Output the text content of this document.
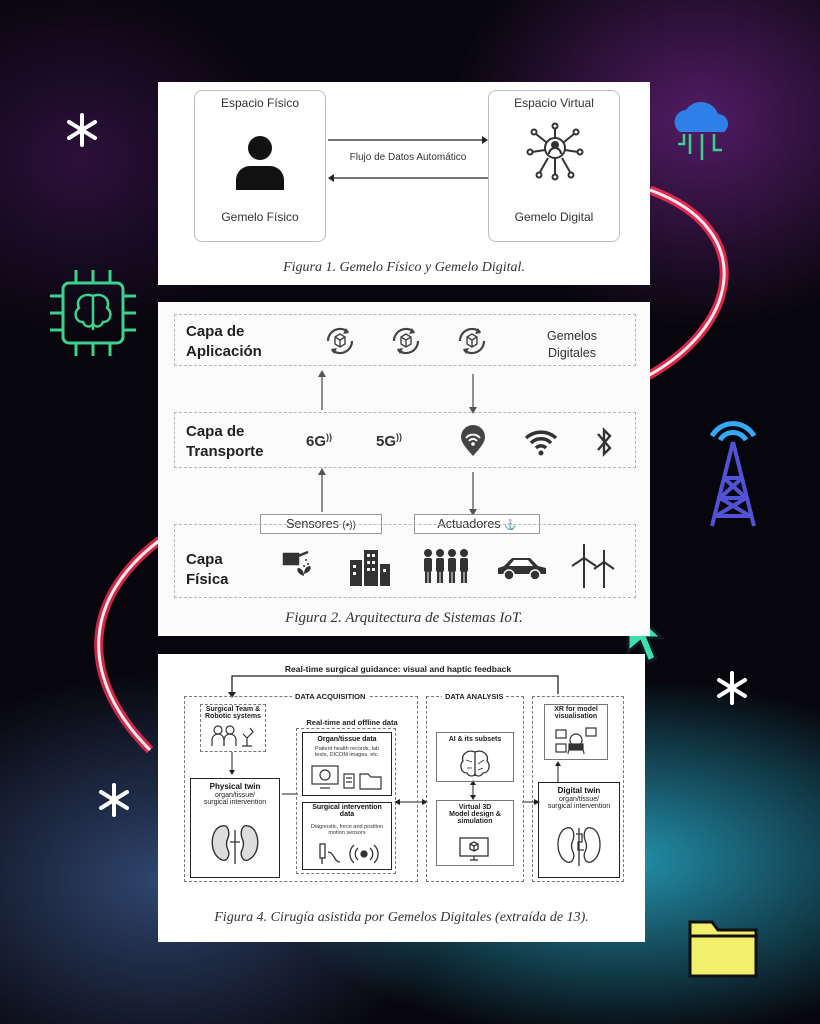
Espacio Físico
Gemelo Físico
Espacio Virtual
Gemelo Digital
Flujo de Datos Automático
Figura 1. Gemelo Físico y Gemelo Digital.
Capa de
Aplicación
Gemelos
Digitales
Capa de
Transporte
6G))	5G))
Sensores (•))	Actuadores ⚓
Capa
Física
Figura 2. Arquitectura de Sistemas IoT.
Real-time surgical guidance: visual and haptic feedback
DATA ACQUISITION	DATA ANALYSIS
Surgical Team &
Robotic systems
Physical twin
organ/tissue/
surgical intervention
Real-time and offline data
Organ/tissue data
Patient health records, lab
tests, DICOM images, etc.
Surgical intervention
data
Diagnostic, force and position
motion sensors
AI & its subsets
Virtual 3D
Model design &
simulation
XR for model
visualisation
Digital twin
organ/tissue/
surgical intervention
Figura 4. Cirugía asistida por Gemelos Digitales (extraída de 13).
